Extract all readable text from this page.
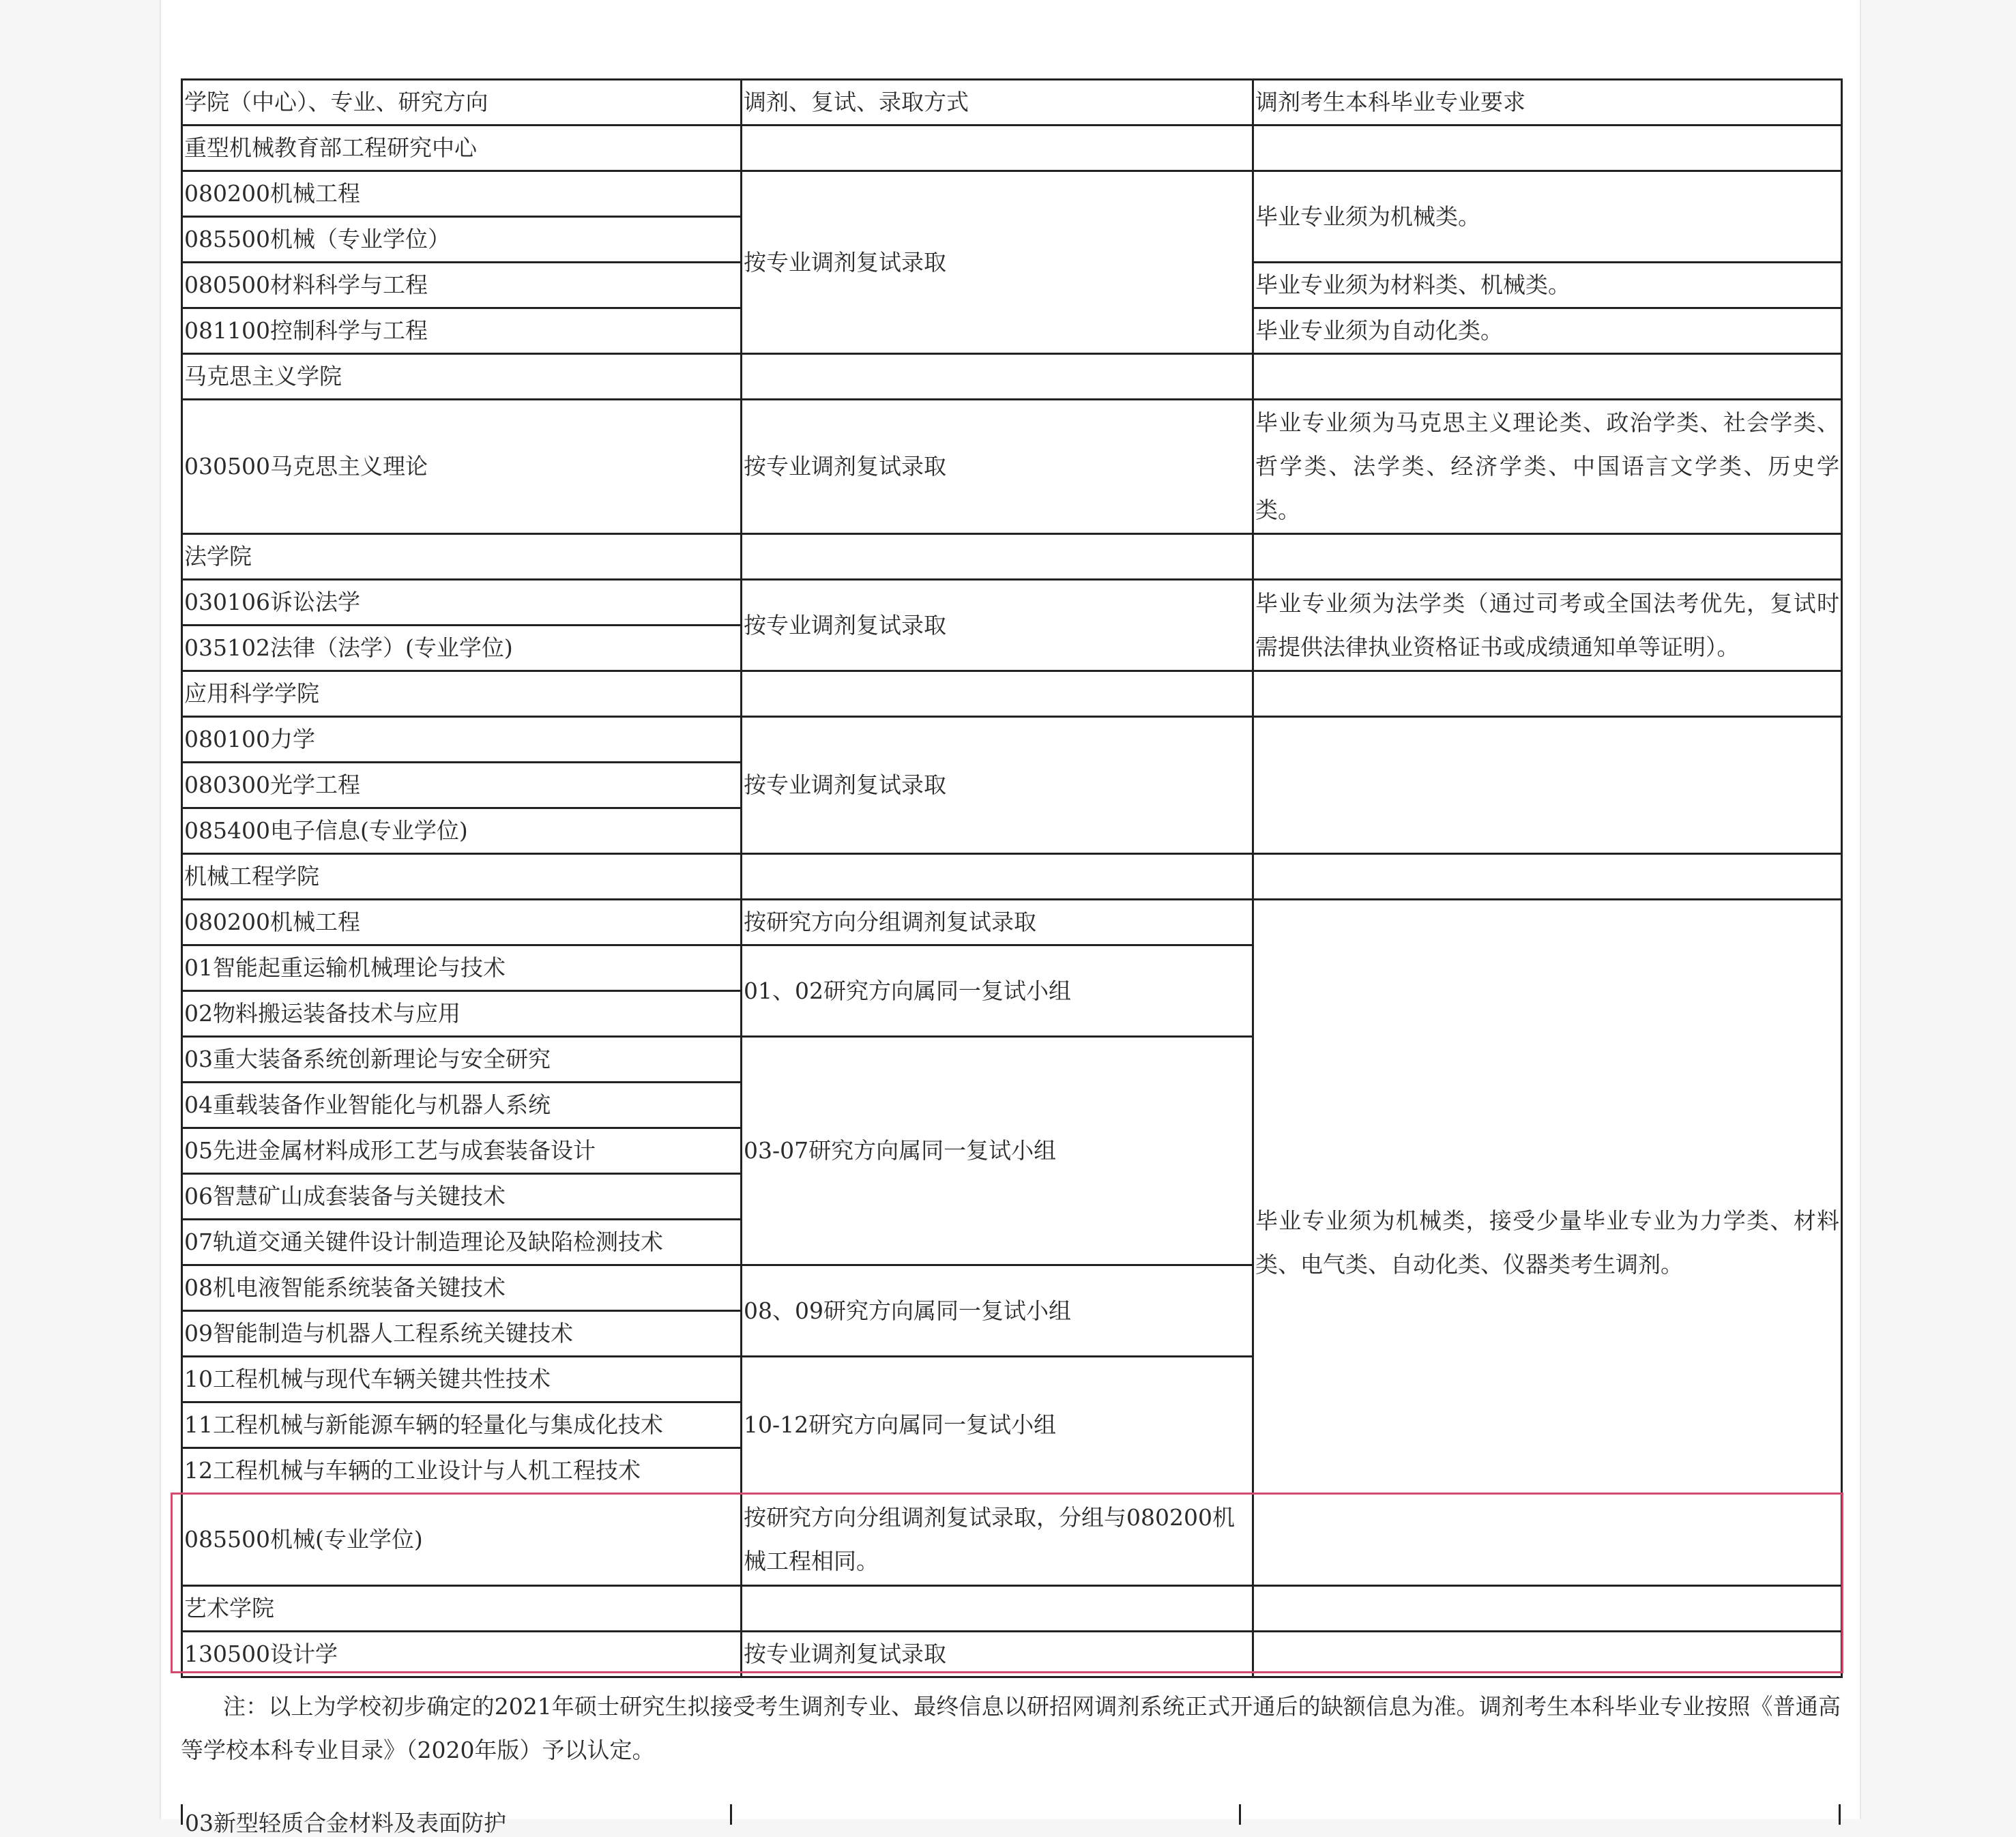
学院（中心）、专业、研究方向	调剂、复试、录取方式	调剂考生本科毕业专业要求	
重型机械教育部工程研究中心			
080200机械工程	按专业调剂复试录取	毕业专业须为机械类。	
085500机械（专业学位）			
080500材料科学与工程		毕业专业须为材料类、机械类。	
081100控制科学与工程		毕业专业须为自动化类。	
马克思主义学院			
030500马克思主义理论	按专业调剂复试录取	毕业专业须为马克思主义理论类、政治学类、社会学类、哲学类、法学类、经济学类、中国语言文学类、历史学类。	
法学院			
030106诉讼法学	按专业调剂复试录取	毕业专业须为法学类（通过司考或全国法考优先，复试时需提供法律执业资格证书或成绩通知单等证明）。	
035102法律（法学）(专业学位)			
应用科学学院			
080100力学	按专业调剂复试录取		
080300光学工程			
085400电子信息(专业学位)			
机械工程学院			
080200机械工程	按研究方向分组调剂复试录取	毕业专业须为机械类，接受少量毕业专业为力学类、材料类、电气类、自动化类、仪器类考生调剂。	
01智能起重运输机械理论与技术	01、02研究方向属同一复试小组		
02物料搬运装备技术与应用			
03重大装备系统创新理论与安全研究	03-07研究方向属同一复试小组		
04重载装备作业智能化与机器人系统			
05先进金属材料成形工艺与成套装备设计			
06智慧矿山成套装备与关键技术			
07轨道交通关键件设计制造理论及缺陷检测技术			
08机电液智能系统装备关键技术	08、09研究方向属同一复试小组		
09智能制造与机器人工程系统关键技术			
10工程机械与现代车辆关键共性技术	10-12研究方向属同一复试小组		
11工程机械与新能源车辆的轻量化与集成化技术			
12工程机械与车辆的工业设计与人机工程技术			
085500机械(专业学位)	按研究方向分组调剂复试录取，分组与080200机械工程相同。		
艺术学院			
130500设计学	按专业调剂复试录取		
注：以上为学校初步确定的2021年硕士研究生拟接受考生调剂专业、最终信息以研招网调剂系统正式开通后的缺额信息为准。调剂考生本科毕业专业按照《普通高等学校本科专业目录》（2020年版）予以认定。
03新型轻质合金材料及表面防护
